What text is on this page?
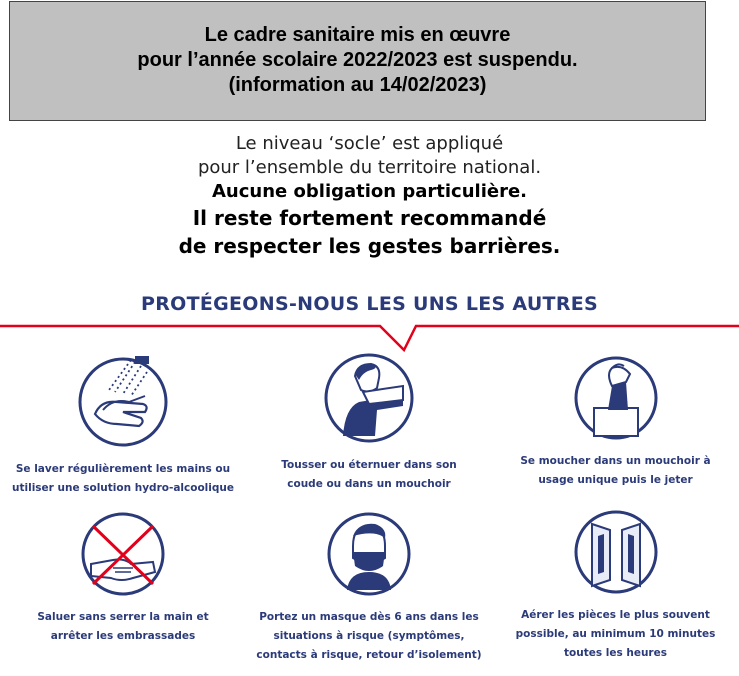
Le cadre sanitaire mis en œuvre
pour l’année scolaire 2022/2023 est suspendu.
(information au 14/02/2023)
Le niveau ‘socle’ est appliqué
pour l’ensemble du territoire national.
Aucune obligation particulière.
Il reste fortement recommandé
de respecter les gestes barrières.
PROTÉGEONS-NOUS LES UNS LES AUTRES
Se laver régulièrement les mains ou
utiliser une solution hydro-alcoolique
Tousser ou éternuer dans son
coude ou dans un mouchoir
Se moucher dans un mouchoir à
usage unique puis le jeter
Saluer sans serrer la main et
arrêter les embrassades
Portez un masque dès 6 ans dans les
situations à risque (symptômes,
contacts à risque, retour d’isolement)
Aérer les pièces le plus souvent
possible, au minimum 10 minutes
toutes les heures
